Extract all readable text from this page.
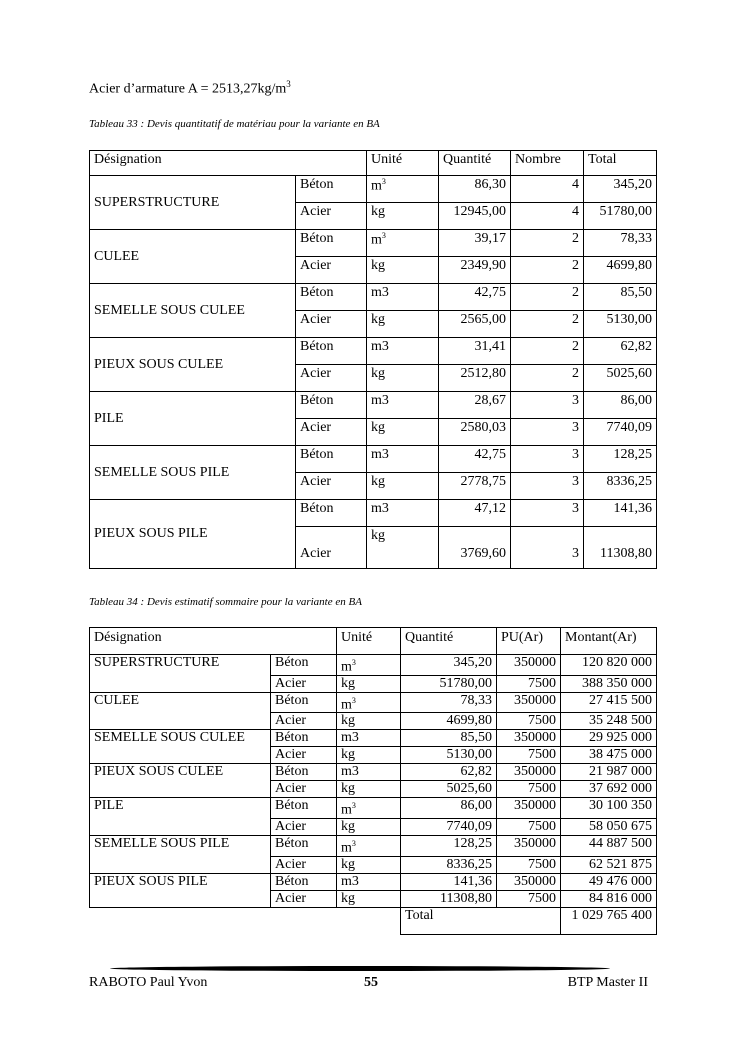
Acier d’armature $A = 2513,27kg/m^3$
Tableau 33 : Devis quantitatif de matériau pour la variante en BA
Désignation		Unité	Quantité	Nombre	Total
SUPERSTRUCTURE	Béton	$m^3$	86,30	4	345,20
	Acier	kg	12945,00	4	51780,00
CULEE	Béton	$m^3$	39,17	2	78,33
	Acier	kg	2349,90	2	4699,80
SEMELLE SOUS CULEE	Béton	m3	42,75	2	85,50
	Acier	kg	2565,00	2	5130,00
PIEUX SOUS CULEE	Béton	m3	31,41	2	62,82
	Acier	kg	2512,80	2	5025,60
PILE	Béton	m3	28,67	3	86,00
	Acier	kg	2580,03	3	7740,09
SEMELLE SOUS PILE	Béton	m3	42,75	3	128,25
	Acier	kg	2778,75	3	8336,25
PIEUX SOUS PILE	Béton	m3	47,12	3	141,36
	Acier	kg	3769,60	3	11308,80
Tableau 34 : Devis estimatif sommaire pour la variante en BA
Désignation		Unité	Quantité	PU(Ar)	Montant(Ar)
SUPERSTRUCTURE	Béton	$m^3$	345,20	350000	120 820 000
	Acier	kg	51780,00	7500	388 350 000
CULEE	Béton	$m^3$	78,33	350000	27 415 500
	Acier	kg	4699,80	7500	35 248 500
SEMELLE SOUS CULEE	Béton	m3	85,50	350000	29 925 000
	Acier	kg	5130,00	7500	38 475 000
PIEUX SOUS CULEE	Béton	m3	62,82	350000	21 987 000
	Acier	kg	5025,60	7500	37 692 000
PILE	Béton	$m^3$	86,00	350000	30 100 350
	Acier	kg	7740,09	7500	58 050 675
SEMELLE SOUS PILE	Béton	$m^3$	128,25	350000	44 887 500
	Acier	kg	8336,25	7500	62 521 875
PIEUX SOUS PILE	Béton	m3	141,36	350000	49 476 000
	Acier	kg	11308,80	7500	84 816 000
			Total		1 029 765 400
RABOTO Paul Yvon	55	BTP Master II
